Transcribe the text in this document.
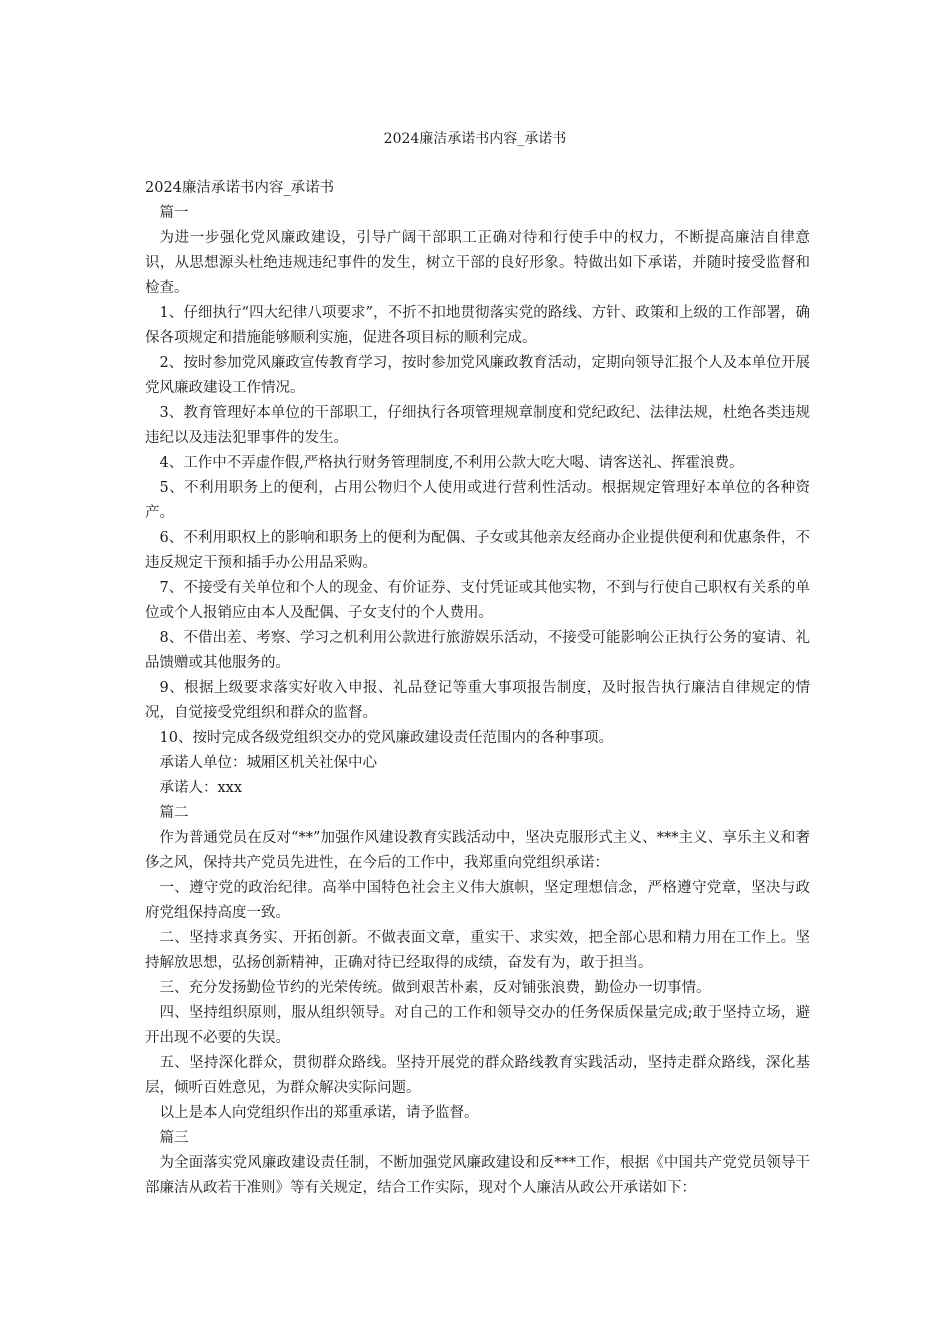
2024廉洁承诺书内容_承诺书

2024廉洁承诺书内容_承诺书

篇一

为进一步强化党风廉政建设，引导广阔干部职工正确对待和行使手中的权力，不断提高廉洁自律意识，从思想源头杜绝违规违纪事件的发生，树立干部的良好形象。特做出如下承诺，并随时接受监督和检查。

1、仔细执行“四大纪律八项要求”，不折不扣地贯彻落实党的路线、方针、政策和上级的工作部署，确保各项规定和措施能够顺利实施，促进各项目标的顺利完成。

2、按时参加党风廉政宣传教育学习，按时参加党风廉政教育活动，定期向领导汇报个人及本单位开展党风廉政建设工作情况。

3、教育管理好本单位的干部职工，仔细执行各项管理规章制度和党纪政纪、法律法规，杜绝各类违规违纪以及违法犯罪事件的发生。

4、工作中不弄虚作假,严格执行财务管理制度,不利用公款大吃大喝、请客送礼、挥霍浪费。

5、不利用职务上的便利，占用公物归个人使用或进行营利性活动。根据规定管理好本单位的各种资产。

6、不利用职权上的影响和职务上的便利为配偶、子女或其他亲友经商办企业提供便利和优惠条件，不违反规定干预和插手办公用品采购。

7、不接受有关单位和个人的现金、有价证券、支付凭证或其他实物，不到与行使自己职权有关系的单位或个人报销应由本人及配偶、子女支付的个人费用。

8、不借出差、考察、学习之机利用公款进行旅游娱乐活动，不接受可能影响公正执行公务的宴请、礼品馈赠或其他服务的。

9、根据上级要求落实好收入申报、礼品登记等重大事项报告制度，及时报告执行廉洁自律规定的情况，自觉接受党组织和群众的监督。

10、按时完成各级党组织交办的党风廉政建设责任范围内的各种事项。

承诺人单位：城厢区机关社保中心

承诺人：xxx

篇二

作为普通党员在反对“**”加强作风建设教育实践活动中，坚决克服形式主义、***主义、享乐主义和奢侈之风，保持共产党员先进性，在今后的工作中，我郑重向党组织承诺：

一、遵守党的政治纪律。高举中国特色社会主义伟大旗帜，坚定理想信念，严格遵守党章，坚决与政府党组保持高度一致。

二、坚持求真务实、开拓创新。不做表面文章，重实干、求实效，把全部心思和精力用在工作上。坚持解放思想，弘扬创新精神，正确对待已经取得的成绩，奋发有为，敢于担当。

三、充分发扬勤俭节约的光荣传统。做到艰苦朴素，反对铺张浪费，勤俭办一切事情。

四、坚持组织原则，服从组织领导。对自己的工作和领导交办的任务保质保量完成;敢于坚持立场，避开出现不必要的失误。

五、坚持深化群众，贯彻群众路线。坚持开展党的群众路线教育实践活动，坚持走群众路线，深化基层，倾听百姓意见，为群众解决实际问题。

以上是本人向党组织作出的郑重承诺，请予监督。

篇三

为全面落实党风廉政建设责任制，不断加强党风廉政建设和反***工作，根据《中国共产党党员领导干部廉洁从政若干准则》等有关规定，结合工作实际，现对个人廉洁从政公开承诺如下：
